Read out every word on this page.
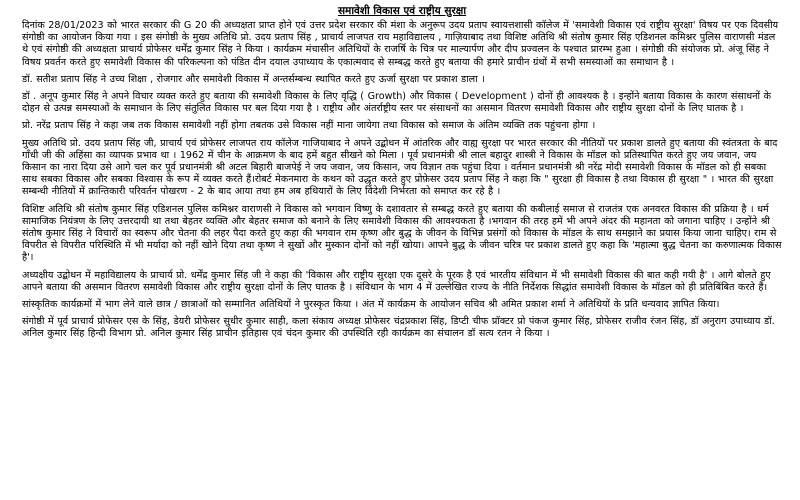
समावेशी विकास एवं राष्ट्रीय सुरक्षा

दिनांक 28/01/2023 को भारत सरकार की G 20 की अध्यक्षता प्राप्त होने एवं उत्तर प्रदेश सरकार की मंशा के अनुरूप उदय प्रताप स्वायत्तशासी कॉलेज में 'समावेशी विकास एवं राष्ट्रीय सुरक्षा' विषय पर एक दिवसीय संगोष्ठी का आयोजन किया गया । इस संगोष्ठी के मुख्य अतिथि प्रो. उदय प्रताप सिंह , प्राचार्य लाजपत राय महाविद्यालय , गाज़ियाबाद तथा विशिष्ट अतिथि श्री संतोष कुमार सिंह एडिशनल कमिश्नर पुलिस वाराणसी मंडल थे एवं संगोष्ठी की अध्यक्षता प्राचार्य प्रोफेसर धर्मेंद्र कुमार सिंह ने किया । कार्यक्रम मंचासीन अतिथियों के राजर्षि के चित्र पर माल्यार्पण और दीप प्रज्वलन के पश्चात प्रारम्भ हुआ । संगोष्ठी की संयोजक प्रो. अंजू सिंह ने विषय प्रवर्तन करते हुए समावेशी विकास की परिकल्पना को पंडित दीन दयाल उपाध्याय के एकात्मवाद से सम्बद्ध करते हुए बताया की हमारे प्राचीन ग्रंथों में सभी समस्याओं का समाधान है ।

डॉ. सतीश प्रताप सिंह ने उच्च शिक्षा , रोजगार और समावेशी विकास में अन्तर्सम्बन्ध स्थापित करते हुए ऊर्जा सुरक्षा पर प्रकाश डाला ।

डॉ . अनूप कुमार सिंह ने अपने विचार व्यक्त करते हुए बताया की समावेशी विकास के लिए वृद्धि ( Growth) और विकास ( Development ) दोनों ही आवश्यक है । इन्होंने बताया विकास के कारण संसाधनों के दोहन से उत्पन्न समस्याओं के समाधान के लिए संतुलित विकास पर बल दिया गया है । राष्ट्रीय और अंतर्राष्ट्रीय स्तर पर संसाधनों का असमान वितरण समावेशी विकास और राष्ट्रीय सुरक्षा दोनों के लिए घातक है ।

प्रो. नरेंद्र प्रताप सिंह ने कहा जब तक विकास समावेशी नहीं होगा तबतक उसे विकास नहीं माना जायेगा तथा विकास को समाज के अंतिम व्यक्ति तक पहुंचना होगा ।

मुख्य अतिथि प्रो. उदय प्रताप सिंह जी, प्राचार्य एवं प्रोफेसर लाजपत राय कॉलेज गाजियाबाद ने अपने उद्बोधन में आंतरिक और वाह्य सुरक्षा पर भारत सरकार की नीतियों पर प्रकाश डालते हुए बताया की स्वंतत्रता के बाद गाँधी जी की अहिंसा का व्यापक प्रभाव था । 1962 में चीन के आक्रमण के बाद हमें बहुत सीखने को मिला । पूर्व प्रधानमंत्री श्री लाल बहादुर शास्त्री ने विकास के मॉडल को प्रतिस्थापित करते हुए जय जवान, जय किसान का नारा दिया उसे आगे चल कर पूर्व प्रधानमंत्री श्री अटल बिहारी बाजपेई ने जय जवान, जय किसान, जय विज्ञान तक पहुंचा दिया । वर्तमान प्रधानमंत्री श्री नरेंद्र मोदी समावेशी विकास के मॉडल को ही सबका साथ सबका विकास और सबका विश्वास के रूप में व्यक्त करते हैं।रोबर्ट मेकनमारा के कथन को उद्धृत करते हुए प्रोफ़ेसर उदय प्रताप सिंह ने कहा कि " सुरक्षा ही विकास है तथा विकास ही सुरक्षा " । भारत की सुरक्षा सम्बन्धी नीतियों में क्रान्तिकारी परिवर्तन पोखरण - 2 के बाद आया तथा हम अब हथियारों के लिए विदेशी निर्भरता को समाप्त कर रहे है ।

विशिष्ट अतिथि श्री संतोष कुमार सिंह एडिशनल पुलिस कमिश्नर वाराणसी ने विकास को भगवान विष्णु के दशावतार से सम्बद्ध करते हुए बताया की कबीलाई समाज से राजतंत्र एक अनवरत विकास की प्रक्रिया है । धर्म सामाजिक नियंत्रण के लिए उत्तरदायी था तथा बेहतर व्यक्ति और बेहतर समाज को बनाने के लिए समावेशी विकास की आवश्यकता है ।भगवान की तरह हमें भी अपने अंदर की महानता को जगाना चाहिए । उन्होंने श्री संतोष कुमार सिंह ने विचारों का स्वरूप और चेतना की लहर पैदा करते हुए कहा की भगवान राम कृष्ण और बुद्ध के जीवन के विभिन्न प्रसंगों को विकास के मॉडल के साथ समझाने का प्रयास किया जाना चाहिए। राम से विपरीत से विपरीत परिस्थिति में भी मर्यादा को नहीं खोने दिया तथा कृष्ण ने सुखों और मुस्कान दोनों को नहीं खोया। आपने बुद्ध के जीवन चरित्र पर प्रकाश डालते हुए कहा कि 'महात्मा बुद्ध चेतना का करुणात्मक विकास है'।

अध्यक्षीय उद्बोधन में महाविद्यालय के प्राचार्य प्रो. धर्मेंद्र कुमार सिंह जी ने कहा की 'विकास और राष्ट्रीय सुरक्षा एक दूसरे के पूरक है एवं भारतीय संविधान में भी समावेशी विकास की बात कही गयी है' । आगे बोलते हुए आपने बताया की असमान वितरण समावेशी विकास और राष्ट्रीय सुरक्षा दोनों के लिए घातक है । संविधान के भाग 4 में उल्लेखित राज्य के नीति निर्देशक सिद्धांत समावेशी विकास के मॉडल को ही प्रतिबिंबित करते हैं।

सांस्कृतिक कार्यक्रमों में भाग लेने वाले छात्र / छात्राओं को सम्मानित अतिथियों ने पुरस्कृत किया । अंत में कार्यक्रम के आयोजन सचिव श्री अमित प्रकाश शर्मा ने अतिथियों के प्रति धन्यवाद ज्ञापित किया।

संगोष्ठी में पूर्व प्राचार्य प्रोफेसर एस के सिंह, डेयरी प्रोफेसर सुधीर कुमार साही, कला संकाय अध्यक्ष प्रोफेसर चंद्रप्रकाश सिंह, डिप्टी चीफ प्रॉक्टर प्रो पंकज कुमार सिंह, प्रोफेसर राजीव रंजन सिंह, डॉ अनुराग उपाध्याय डॉ. अनिल कुमार सिंह हिन्दी विभाग प्रो. अनिल कुमार सिंह प्राचीन इतिहास एवं चंदन कुमार की उपस्थिति रही कार्यक्रम का संचालन डॉ सत्य रतन ने किया ।
